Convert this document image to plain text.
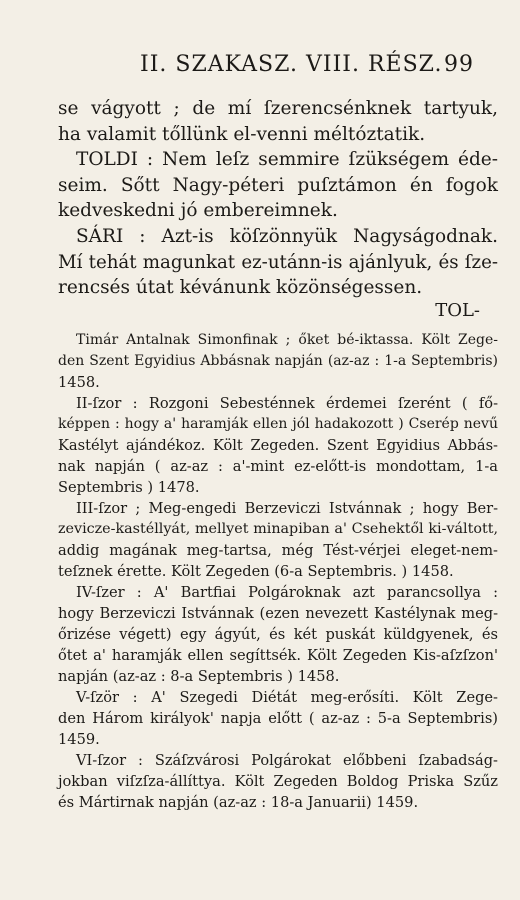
II. SZAKASZ. VIII. RÉSZ. 99
se vágyott ; de mí ſzerencsénknek tartyuk,
ha valamit tőllünk el-venni méltóztatik.
TOLDI : Nem leſz semmire ſzükségem éde-
seim. Sőtt Nagy-péteri puſztámon én fogok
kedveskedni jó embereimnek.
SÁRI : Azt-is köſzönnyük Nagyságodnak.
Mí tehát magunkat ez-utánn-is ajánlyuk, és ſze-
rencsés útat kévánunk közönségessen.
TOL-
Timár Antalnak Simonfinak ; őket bé-iktassa. Költ Zege-
den Szent Egyidius Abbásnak napján (az-az : 1-a Septembris)
1458.
II-ſzor : Rozgoni Sebesténnek érdemei ſzerént ( fő-
képpen : hogy a' haramják ellen jól hadakozott ) Cserép nevű
Kastélyt ajándékoz. Költ Zegeden. Szent Egyidius Abbás-
nak napján ( az-az : a'-mint ez-előtt-is mondottam, 1-a
Septembris ) 1478.
III-ſzor ; Meg-engedi Berzeviczi Istvánnak ; hogy Ber-
zevicze-kastéllyát, mellyet minapiban a' Csehektől ki-váltott,
addig magának meg-tartsa, még Tést-vérjei eleget-nem-
teſznek érette. Költ Zegeden (6-a Septembris. ) 1458.
IV-ſzer : A' Bartfiai Polgároknak azt parancsollya :
hogy Berzeviczi Istvánnak (ezen nevezett Kastélynak meg-
őrizése végett) egy ágyút, és két puskát küldgyenek, és
őtet a' haramják ellen segíttsék. Költ Zegeden Kis-aſzſzon'
napján (az-az : 8-a Septembris ) 1458.
V-ſzör : A' Szegedi Diétát meg-erősíti. Költ Zege-
den Három királyok' napja előtt ( az-az : 5-a Septembris)
1459.
VI-ſzor : Száſzvárosi Polgárokat előbbeni ſzabadság-
jokban viſzſza-állíttya. Költ Zegeden Boldog Priska Szűz
és Mártirnak napján (az-az : 18-a Januarii) 1459.
